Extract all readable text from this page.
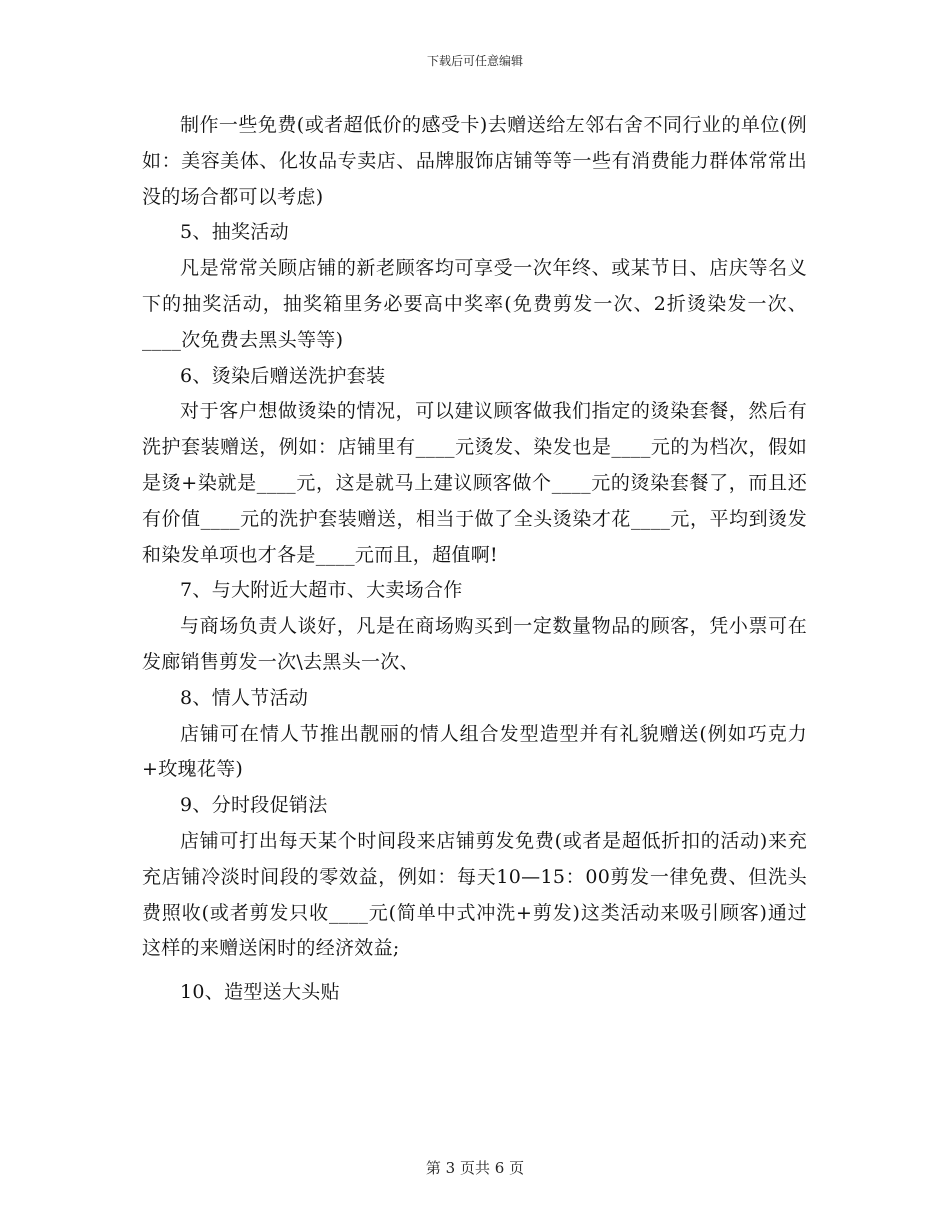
下载后可任意编辑

制作一些免费(或者超低价的感受卡)去赠送给左邻右舍不同行业的单位(例如：美容美体、化妆品专卖店、品牌服饰店铺等等一些有消费能力群体常常出没的场合都可以考虑)

5、抽奖活动

凡是常常关顾店铺的新老顾客均可享受一次年终、或某节日、店庆等名义下的抽奖活动，抽奖箱里务必要高中奖率(免费剪发一次、2折烫染发一次、____次免费去黑头等等)

6、烫染后赠送洗护套装

对于客户想做烫染的情况，可以建议顾客做我们指定的烫染套餐，然后有洗护套装赠送，例如：店铺里有____元烫发、染发也是____元的为档次，假如是烫+染就是____元，这是就马上建议顾客做个____元的烫染套餐了，而且还有价值____元的洗护套装赠送，相当于做了全头烫染才花____元，平均到烫发和染发单项也才各是____元而且，超值啊!

7、与大附近大超市、大卖场合作

与商场负责人谈好，凡是在商场购买到一定数量物品的顾客，凭小票可在发廊销售剪发一次\去黑头一次、

8、情人节活动

店铺可在情人节推出靓丽的情人组合发型造型并有礼貌赠送(例如巧克力+玫瑰花等)

9、分时段促销法

店铺可打出每天某个时间段来店铺剪发免费(或者是超低折扣的活动)来充充店铺冷淡时间段的零效益，例如：每天10—15：00剪发一律免费、但洗头费照收(或者剪发只收____元(简单中式冲洗+剪发)这类活动来吸引顾客)通过这样的来赠送闲时的经济效益;

10、造型送大头贴

第 3 页共 6 页
